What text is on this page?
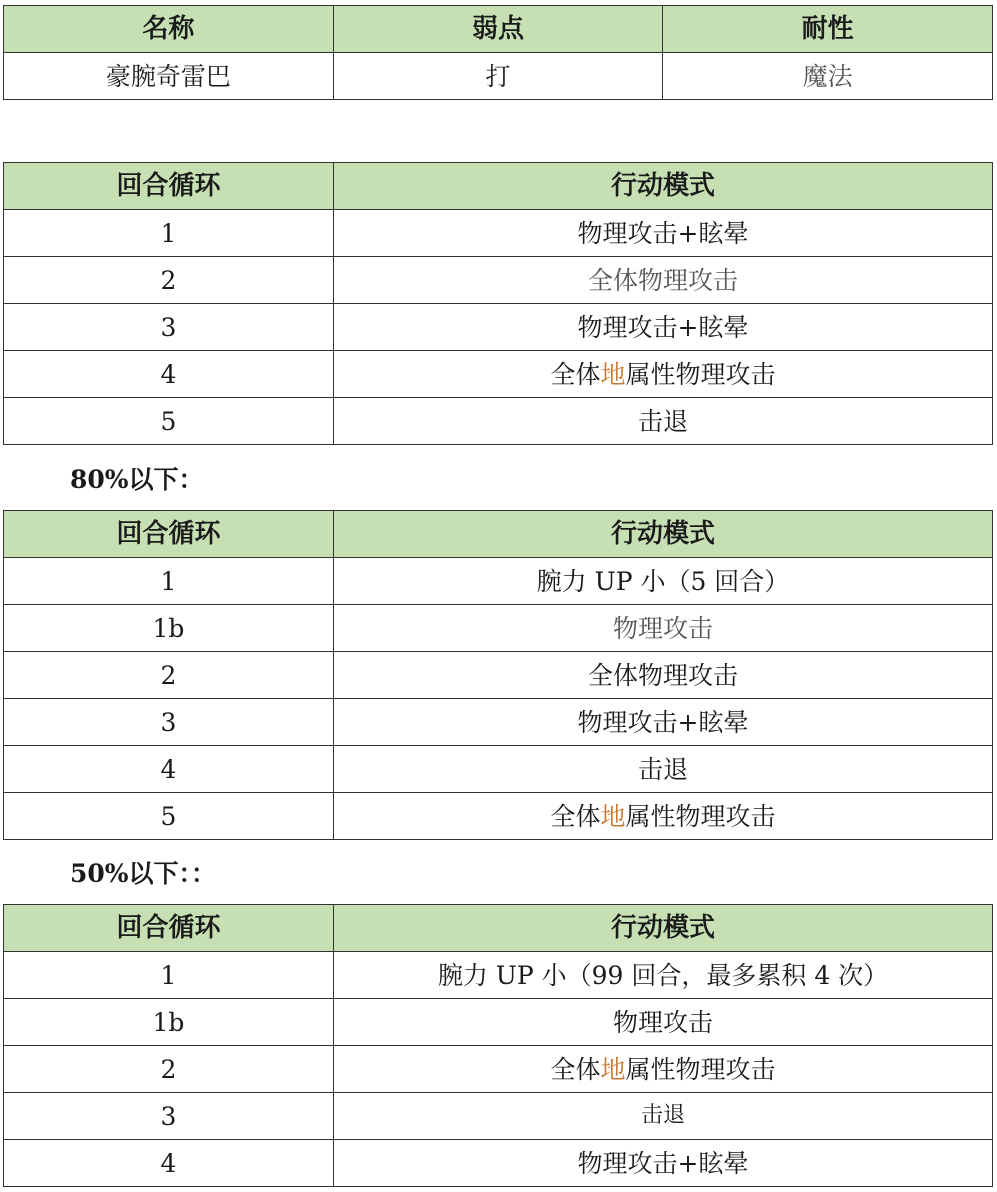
名称	弱点	耐性
豪腕奇雷巴	打	魔法
回合循环	行动模式
1	物理攻击+眩晕
2	全体物理攻击
3	物理攻击+眩晕
4	全体地属性物理攻击
5	击退
80%以下：
回合循环	行动模式
1	腕力 UP 小（5 回合）
1b	物理攻击
2	全体物理攻击
3	物理攻击+眩晕
4	击退
5	全体地属性物理攻击
50%以下：：
回合循环	行动模式
1	腕力 UP 小（99 回合，最多累积 4 次）
1b	物理攻击
2	全体地属性物理攻击
3	击退
4	物理攻击+眩晕
